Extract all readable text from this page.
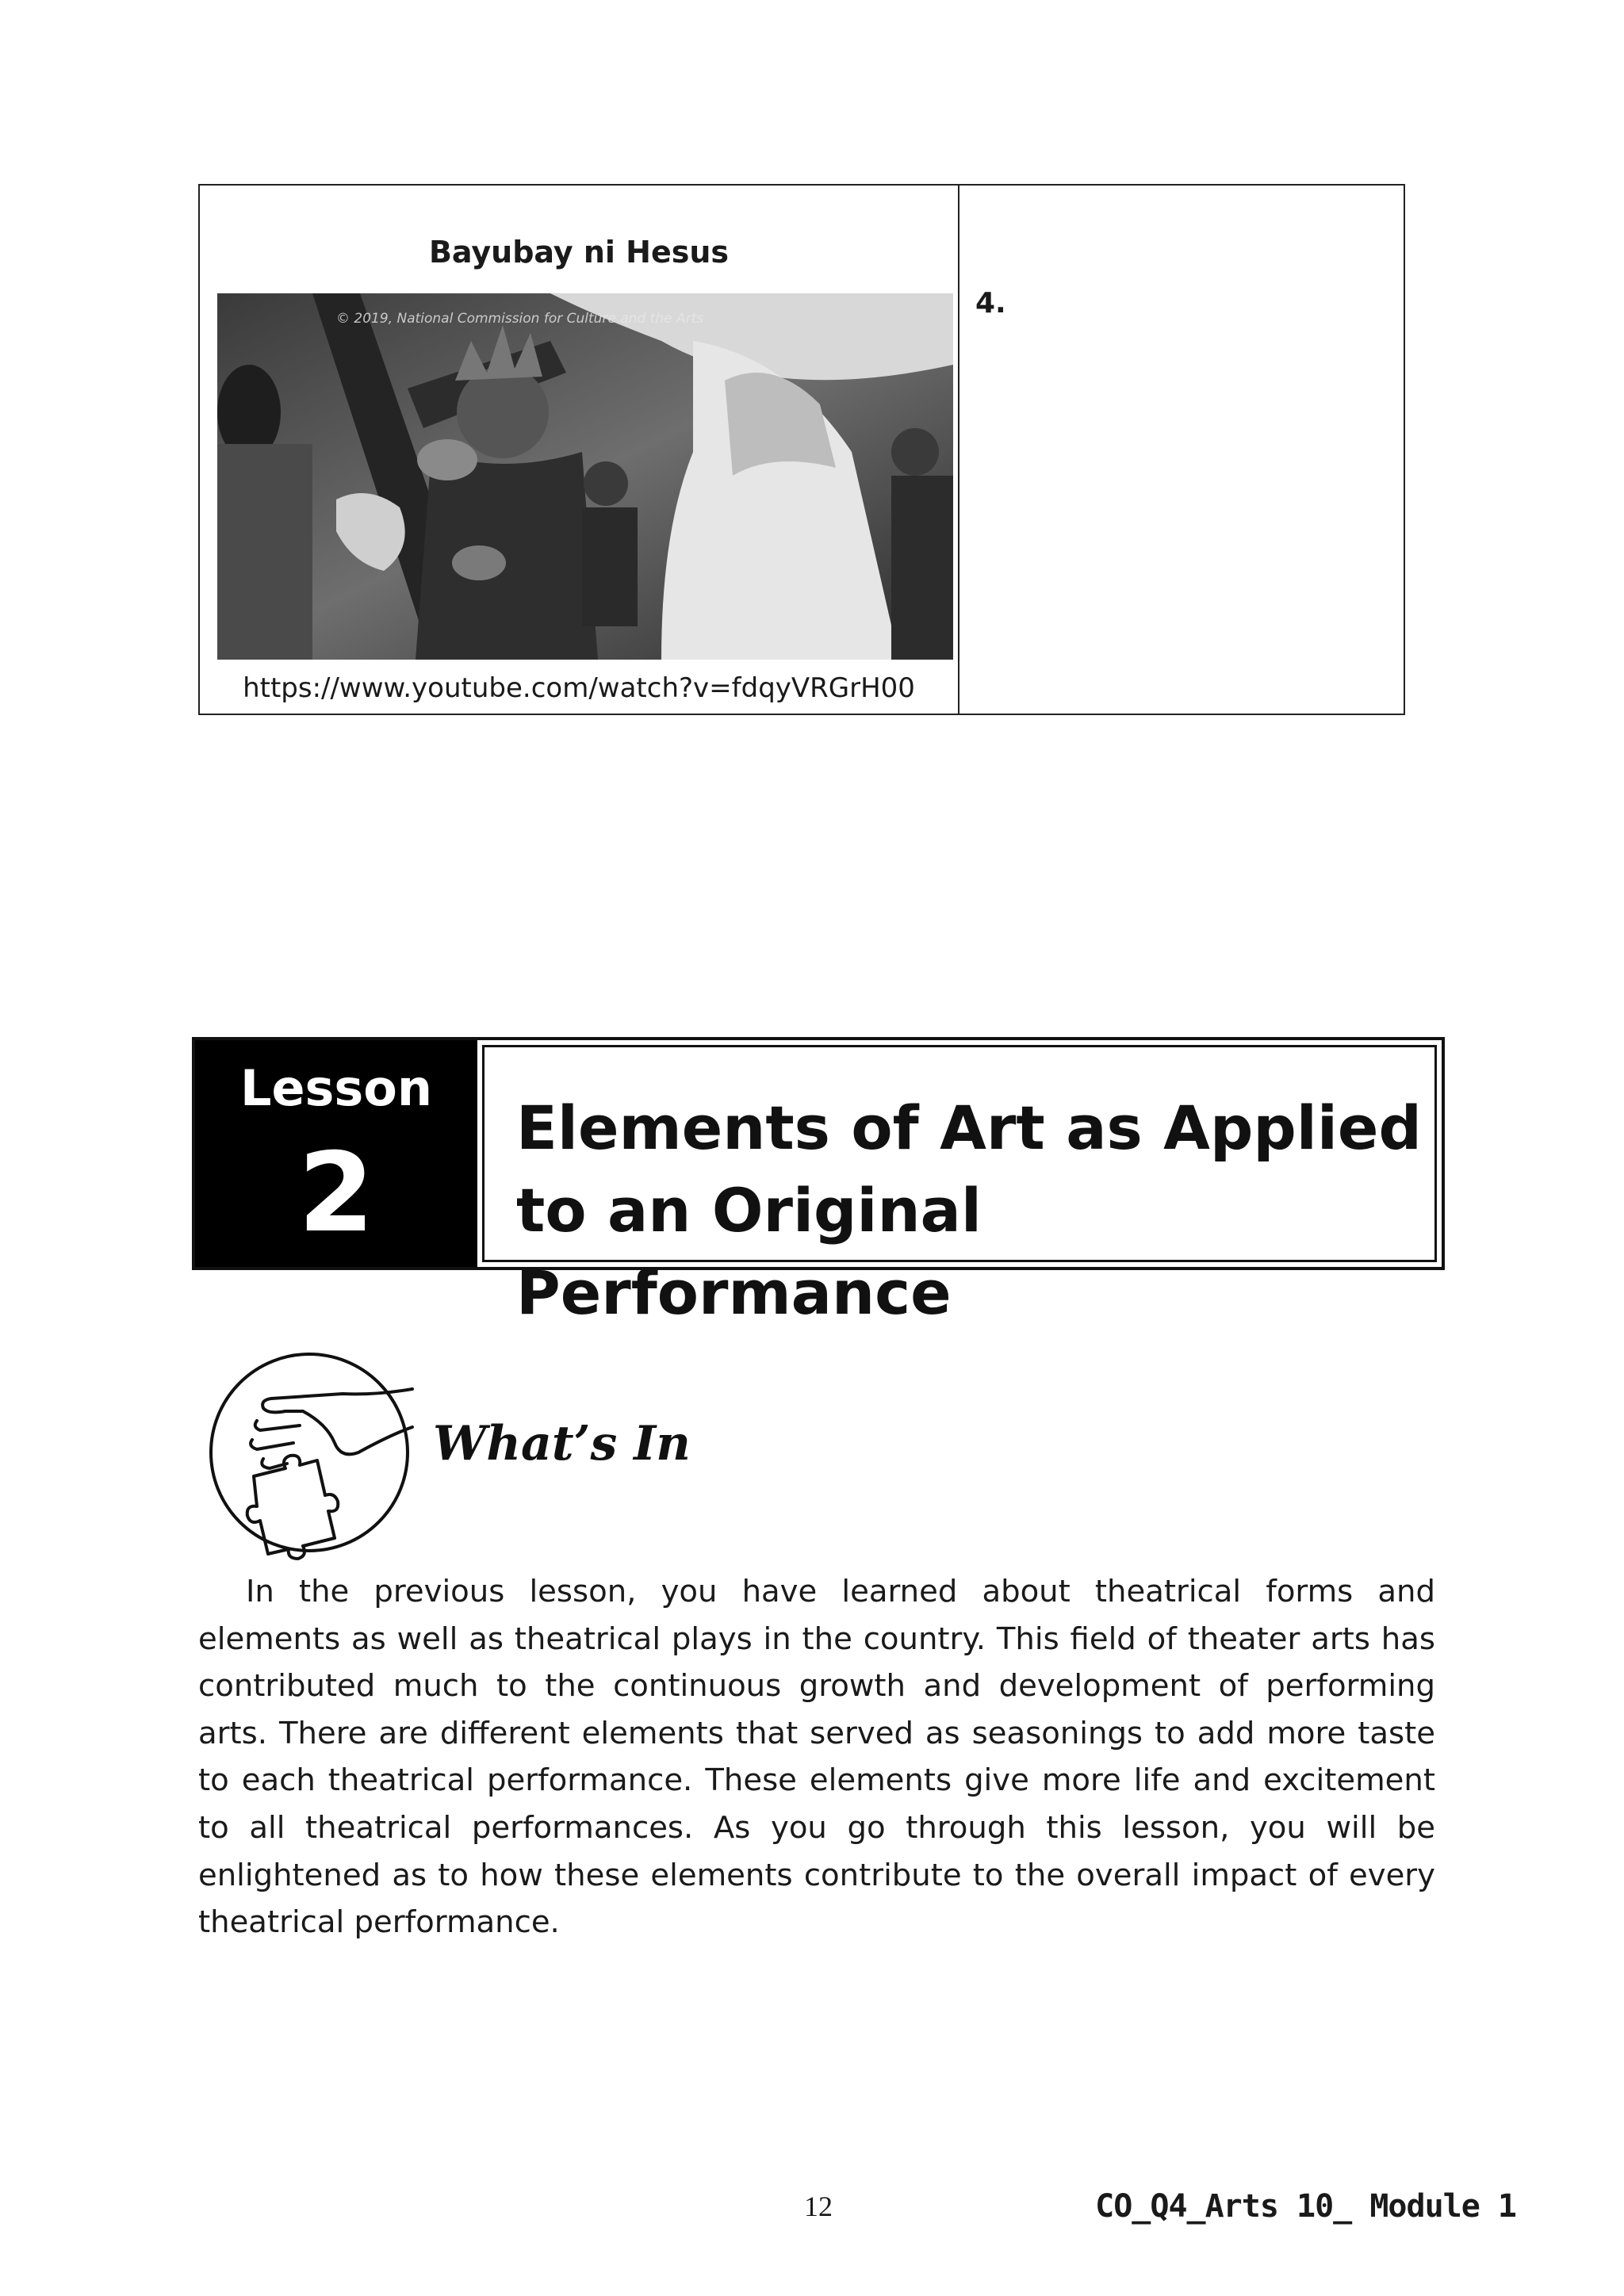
Bayubay ni Hesus
© 2019, National Commission for Culture and the Arts
https://www.youtube.com/watch?v=fdqyVRGrH00
4.
Lesson
2
Elements of Art as Applied
to an Original Performance
What’s In

In the previous lesson, you have learned about theatrical forms and elements as well as theatrical plays in the country. This field of theater arts has contributed much to the continuous growth and development of performing arts. There are different elements that served as seasonings to add more taste to each theatrical performance. These elements give more life and excitement to all theatrical performances. As you go through this lesson, you will be enlightened as to how these elements contribute to the overall impact of every theatrical performance.

12	CO_Q4_Arts 10_ Module 1
